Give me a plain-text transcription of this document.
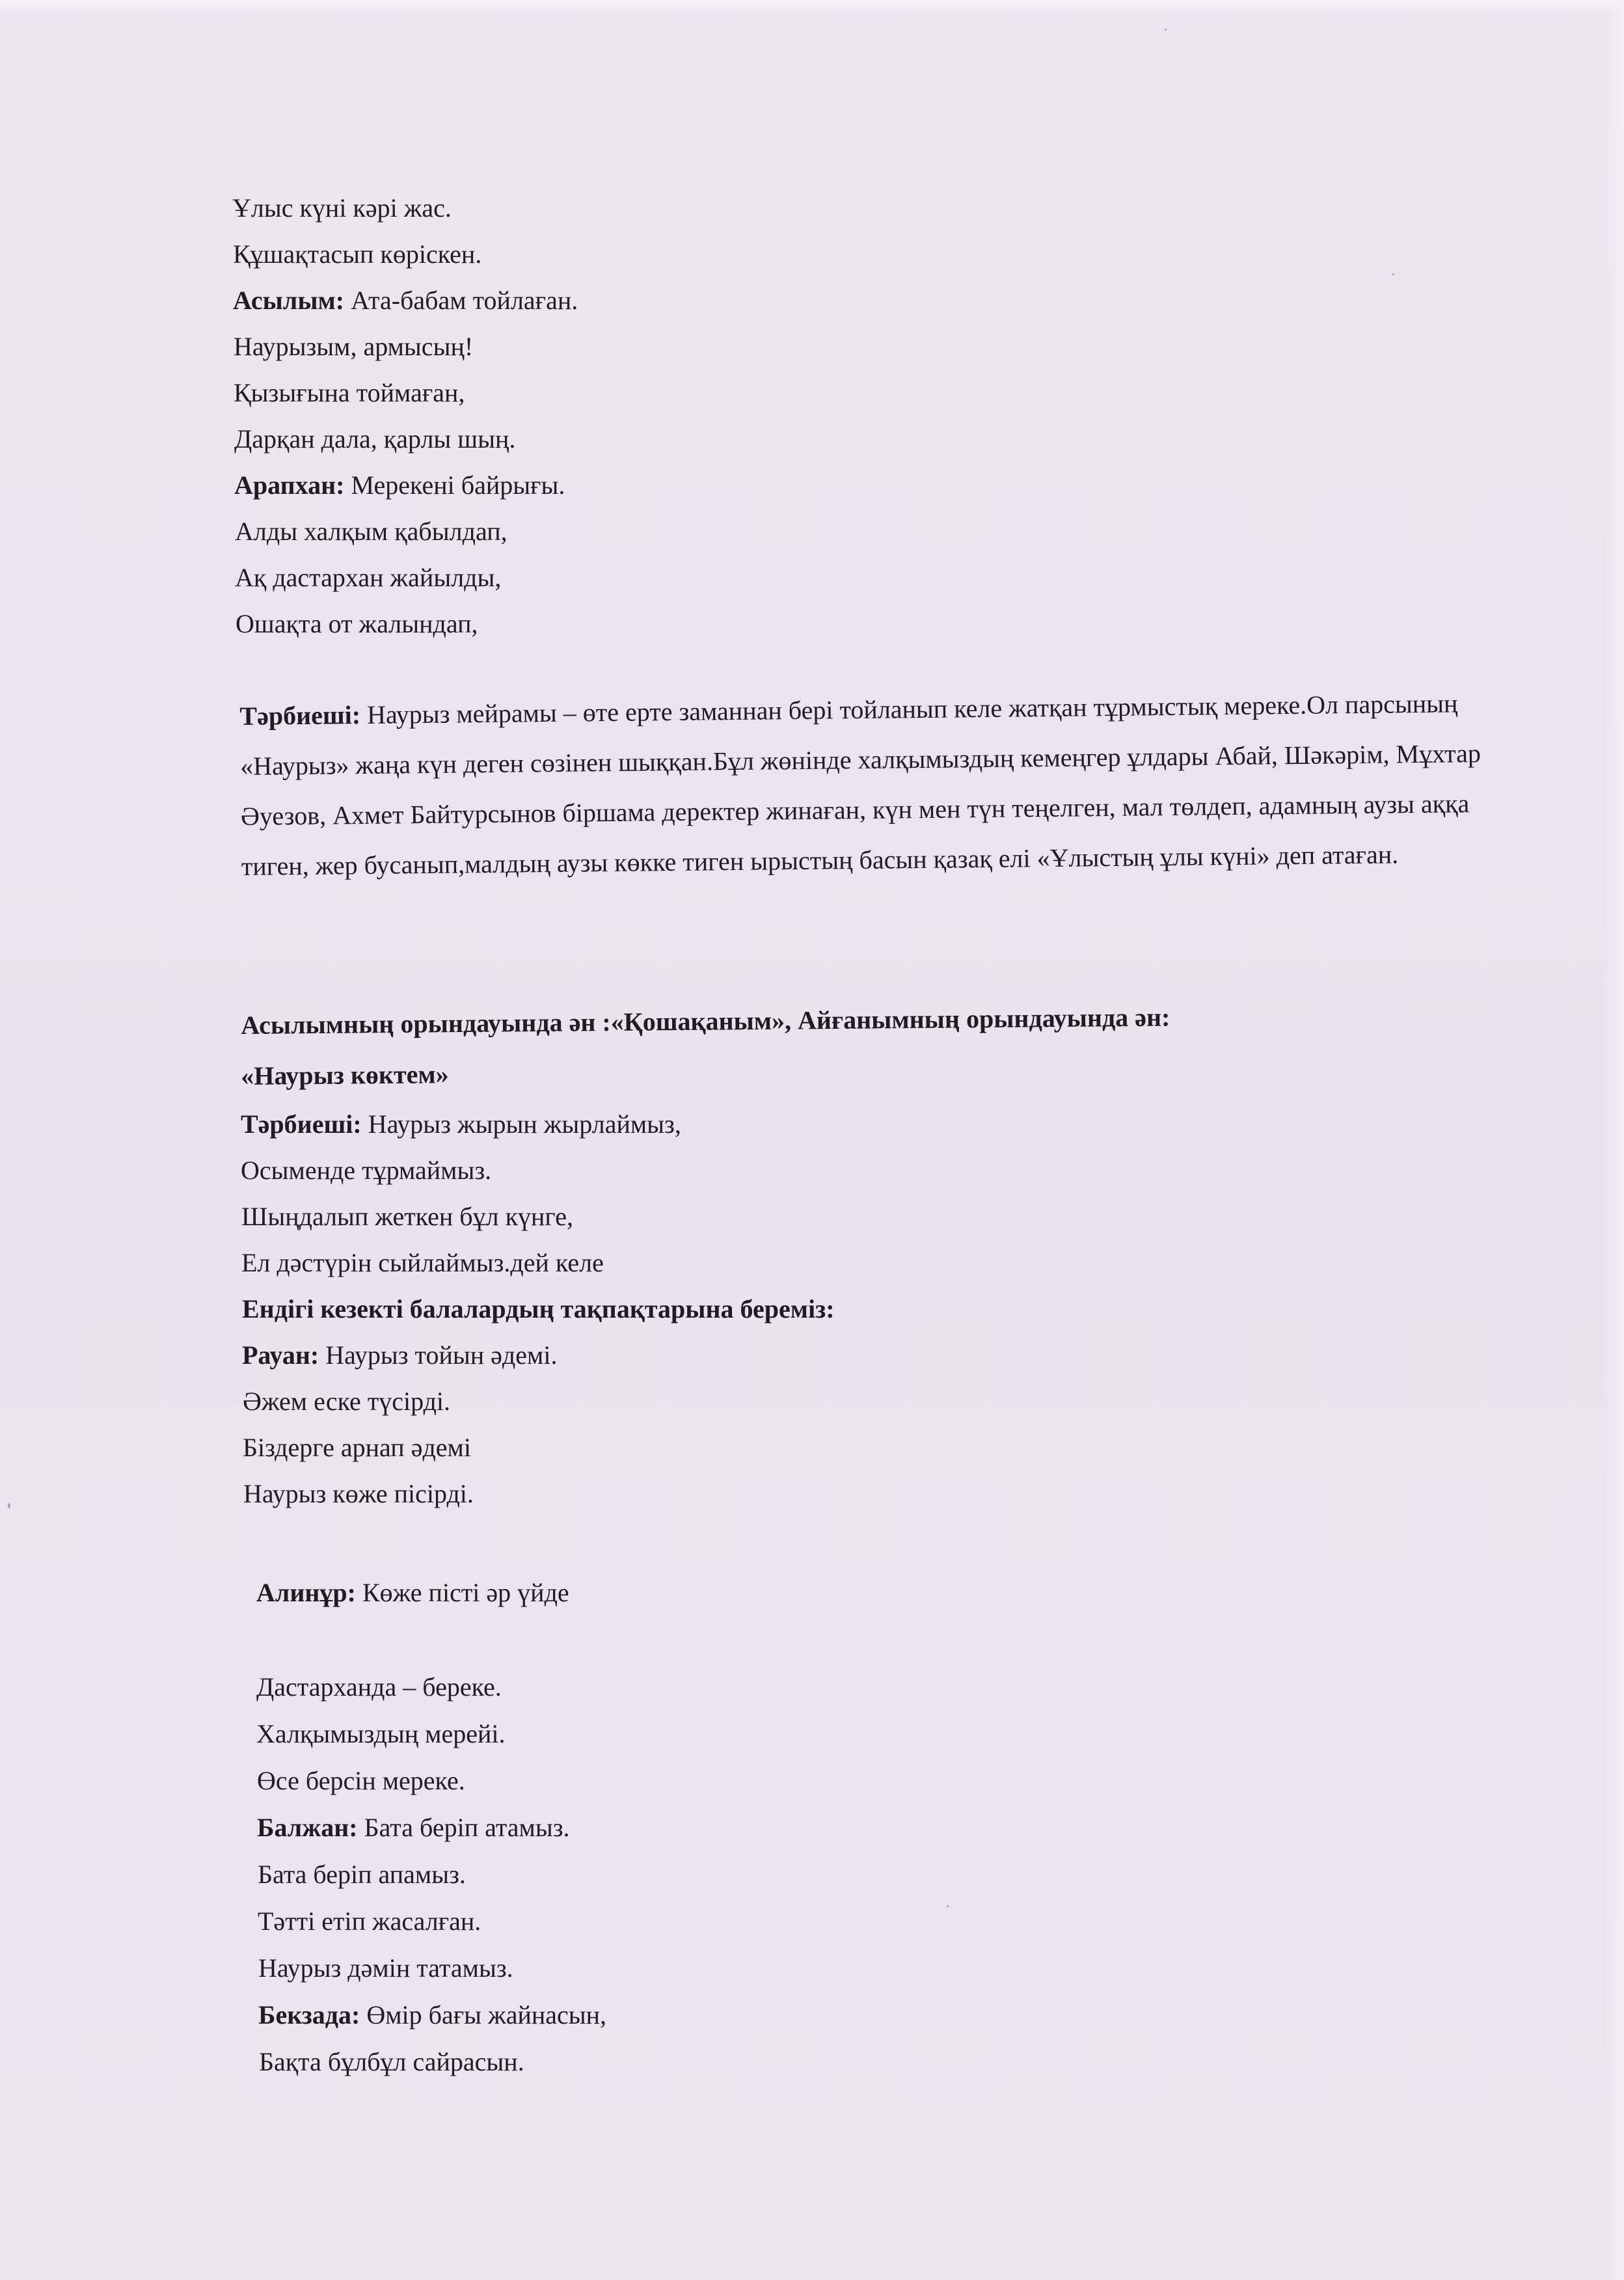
Ұлыс күні кәрі жас.

Құшақтасып көріскен.

Асылым: Ата-бабам тойлаған.

Наурызым, армысың!

Қызығына тоймаған,

Дарқан дала, қарлы шың.

Арапхан: Мерекені байрығы.

Алды халқым қабылдап,

Ақ дастархан жайылды,

Ошақта от жалындап,

Тәрбиеші: Наурыз мейрамы – өте ерте заманнан бері тойланып келе жатқан тұрмыстық мереке.Ол парсының «Наурыз» жаңа күн деген сөзінен шыққан.Бұл жөнінде халқымыздың кемеңгер ұлдары Абай, Шәкәрім, Мұхтар Әуезов, Ахмет Байтурсынов біршама деректер жинаған, күн мен түн теңелген, мал төлдеп, адамның аузы аққа тиген, жер бусанып,малдың аузы көкке тиген ырыстың басын қазақ елі «Ұлыстың ұлы күні» деп атаған.

Асылымның орындауында ән :«Қошақаным», Айғанымның орындауында ән:

«Наурыз көктем»

Тәрбиеші: Наурыз жырын жырлаймыз,

Осымендe тұрмаймыз.

Шыңдалып жеткен бұл күнге,

Ел дәстүрін сыйлаймыз.дей келе

Ендігі кезекті балалардың тақпақтарына береміз:

Рауан: Наурыз тойын әдемі.

Әжем еске түсірді.

Біздерге арнап әдемі

Наурыз көже пісірді.

Алинұр: Көже пісті әр үйде

Дастарханда – береке.

Халқымыздың мерейі.

Өсе берсін мереке.

Балжан: Бата беріп атамыз.

Бата беріп апамыз.

Тәтті етіп жасалған.

Наурыз дәмін татамыз.

Бекзада: Өмір бағы жайнасын,

Бақта бұлбұл сайрасын.
